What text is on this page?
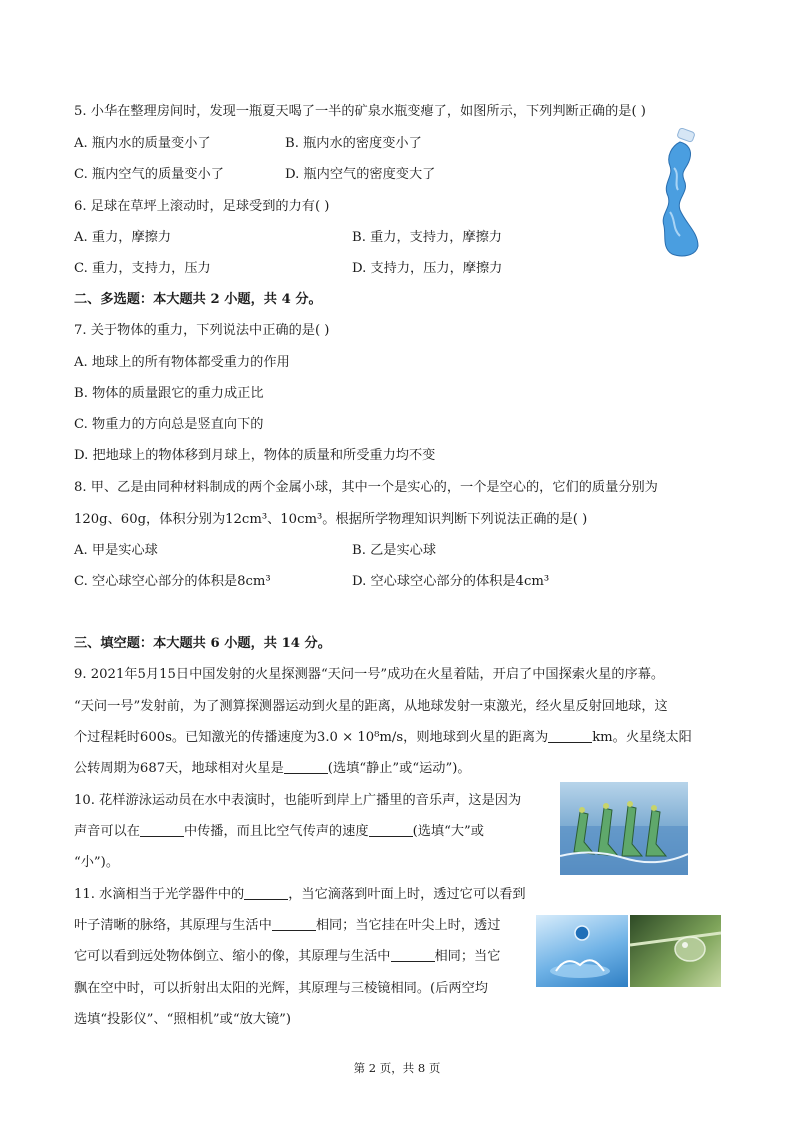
5. 小华在整理房间时，发现一瓶夏天喝了一半的矿泉水瓶变瘪了，如图所示，下列判断正确的是( )
A. 瓶内水的质量变小了	B. 瓶内水的密度变小了
C. 瓶内空气的质量变小了	D. 瓶内空气的密度变大了
6. 足球在草坪上滚动时，足球受到的力有( )
A. 重力，摩擦力	B. 重力，支持力，摩擦力
C. 重力，支持力，压力	D. 支持力，压力，摩擦力
二、多选题：本大题共 2 小题，共 4 分。
7. 关于物体的重力，下列说法中正确的是( )
A. 地球上的所有物体都受重力的作用
B. 物体的质量跟它的重力成正比
C. 物重力的方向总是竖直向下的
D. 把地球上的物体移到月球上，物体的质量和所受重力均不变
8. 甲、乙是由同种材料制成的两个金属小球，其中一个是实心的，一个是空心的，它们的质量分别为
120g、60g，体积分别为12cm³、10cm³。根据所学物理知识判断下列说法正确的是( )
A. 甲是实心球	B. 乙是实心球
C. 空心球空心部分的体积是8cm³	D. 空心球空心部分的体积是4cm³
三、填空题：本大题共 6 小题，共 14 分。
9. 2021年5月15日中国发射的火星探测器“天问一号”成功在火星着陆，开启了中国探索火星的序幕。
“天问一号”发射前，为了测算探测器运动到火星的距离，从地球发射一束激光，经火星反射回地球，这
个过程耗时600s。已知激光的传播速度为3.0 × 10⁸m/s，则地球到火星的距离为	km。火星绕太阳
公转周期为687天，地球相对火星是	(选填“静止”或“运动”)。
10. 花样游泳运动员在水中表演时，也能听到岸上广播里的音乐声，这是因为
声音可以在	中传播，而且比空气传声的速度	(选填“大”或
“小”)。
11. 水滴相当于光学器件中的	，当它滴落到叶面上时，透过它可以看到
叶子清晰的脉络，其原理与生活中	相同；当它挂在叶尖上时，透过
它可以看到远处物体倒立、缩小的像，其原理与生活中	相同；当它
飘在空中时，可以折射出太阳的光辉，其原理与三棱镜相同。(后两空均
选填“投影仪”、“照相机”或“放大镜”)
第 2 页，共 8 页
